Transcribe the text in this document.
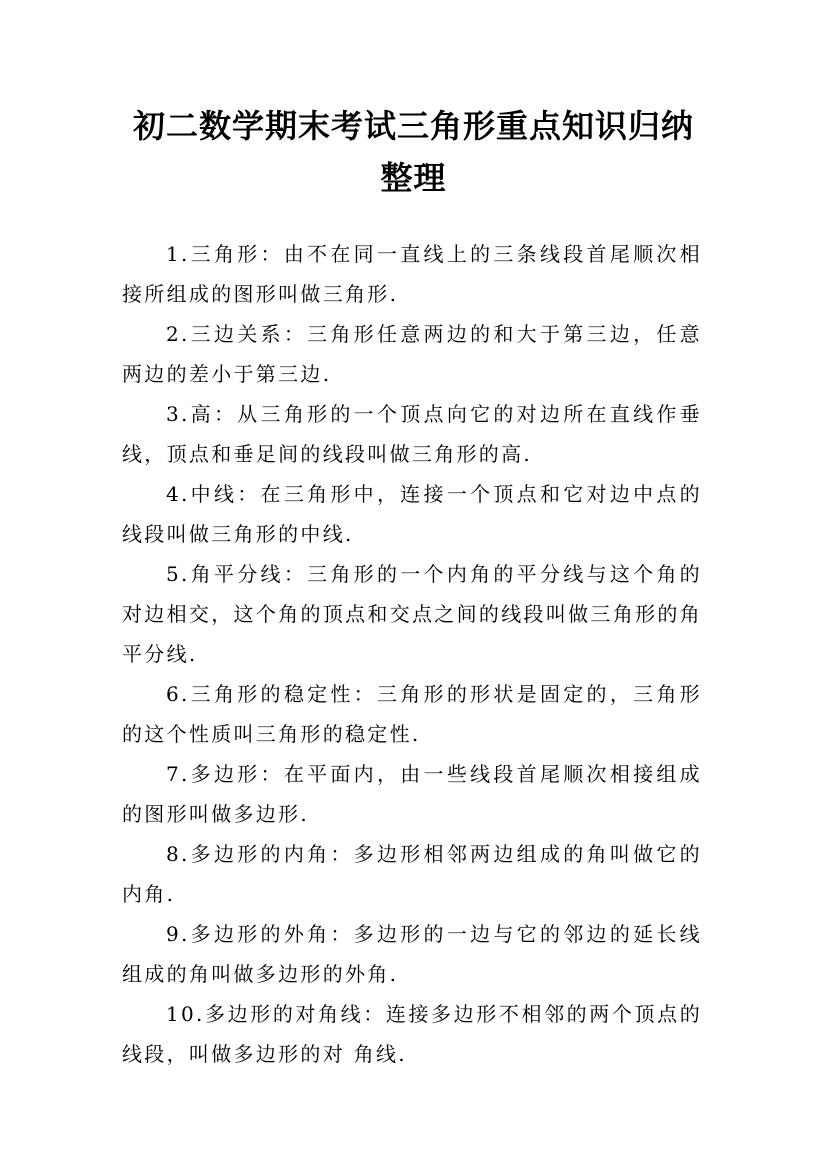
初二数学期末考试三角形重点知识归纳整理

1.三角形：由不在同一直线上的三条线段首尾顺次相接所组成的图形叫做三角形.

2.三边关系：三角形任意两边的和大于第三边，任意两边的差小于第三边.

3.高：从三角形的一个顶点向它的对边所在直线作垂线，顶点和垂足间的线段叫做三角形的高.

4.中线：在三角形中，连接一个顶点和它对边中点的线段叫做三角形的中线.

5.角平分线：三角形的一个内角的平分线与这个角的对边相交，这个角的顶点和交点之间的线段叫做三角形的角平分线.

6.三角形的稳定性：三角形的形状是固定的，三角形的这个性质叫三角形的稳定性.

7.多边形：在平面内，由一些线段首尾顺次相接组成的图形叫做多边形.

8.多边形的内角：多边形相邻两边组成的角叫做它的内角.

9.多边形的外角：多边形的一边与它的邻边的延长线组成的角叫做多边形的外角.

10.多边形的对角线：连接多边形不相邻的两个顶点的线段，叫做多边形的对 角线.
